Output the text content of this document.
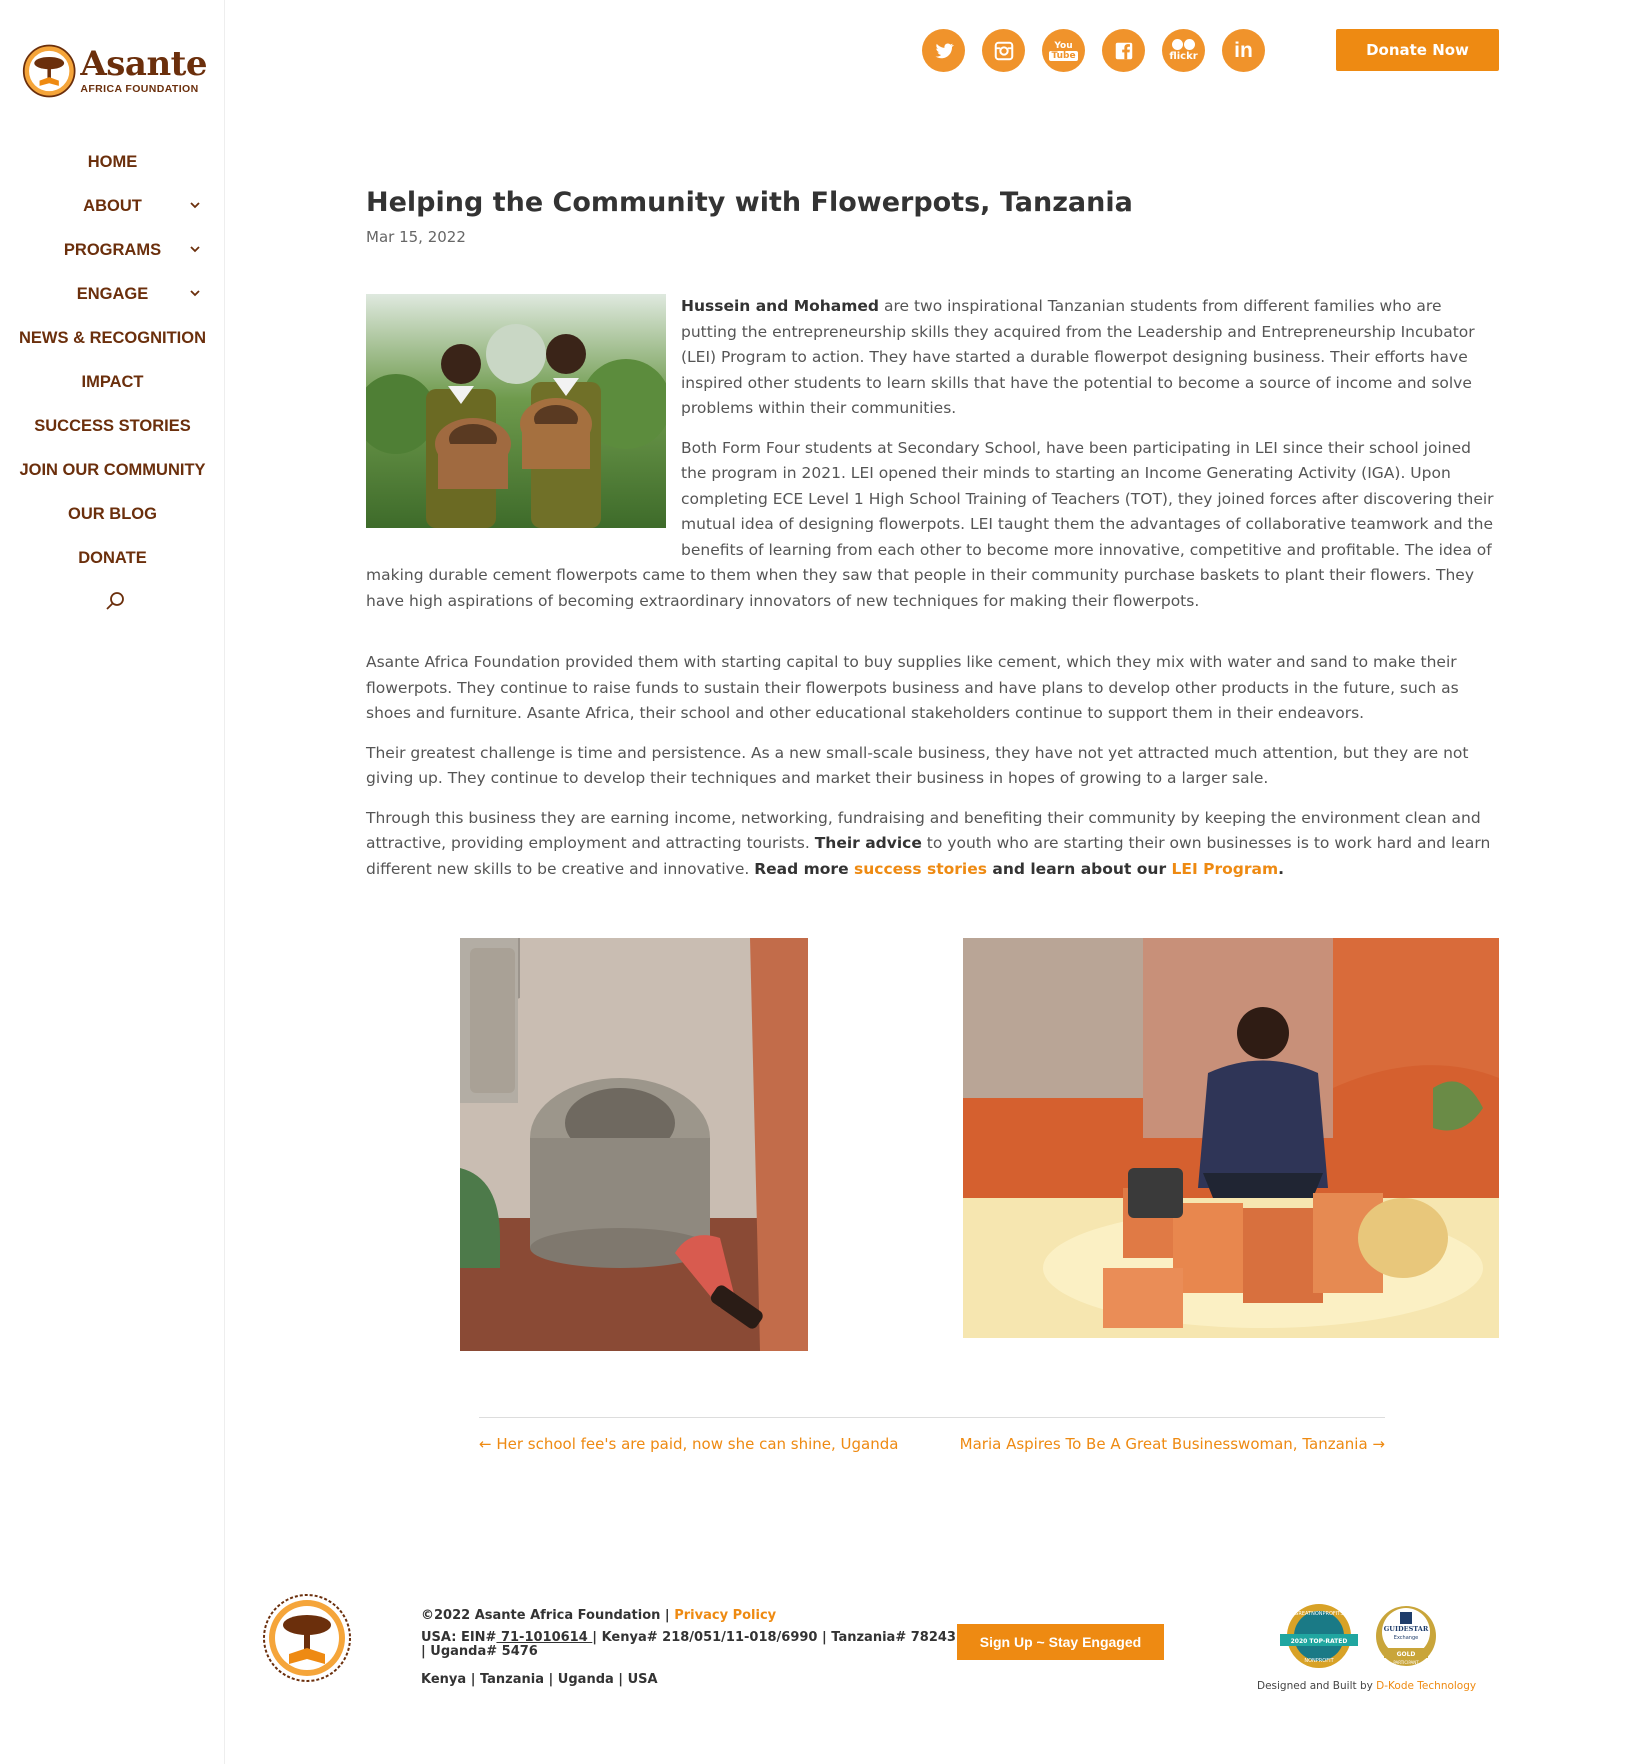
Asante
AFRICA FOUNDATION
HOME
ABOUT
PROGRAMS
ENGAGE
NEWS & RECOGNITION
IMPACT
SUCCESS STORIES
JOIN OUR COMMUNITY
OUR BLOG
DONATE
You
Tube	flickr in	Donate Now
Helping the Community with Flowerpots, Tanzania
Mar 15, 2022

Hussein and Mohamed are two inspirational Tanzanian students from different families who are putting the entrepreneurship skills they acquired from the Leadership and Entrepreneurship Incubator (LEI) Program to action. They have started a durable flowerpot designing business. Their efforts have inspired other students to learn skills that have the potential to become a source of income and solve problems within their communities.

Both Form Four students at Secondary School, have been participating in LEI since their school joined the program in 2021. LEI opened their minds to starting an Income Generating Activity (IGA). Upon completing ECE Level 1 High School Training of Teachers (TOT), they joined forces after discovering their mutual idea of designing flowerpots. LEI taught them the advantages of collaborative teamwork and the benefits of learning from each other to become more innovative, competitive and profitable. The idea of making durable cement flowerpots came to them when they saw that people in their community purchase baskets to plant their flowers. They have high aspirations of becoming extraordinary innovators of new techniques for making their flowerpots.

Asante Africa Foundation provided them with starting capital to buy supplies like cement, which they mix with water and sand to make their flowerpots. They continue to raise funds to sustain their flowerpots business and have plans to develop other products in the future, such as shoes and furniture. Asante Africa, their school and other educational stakeholders continue to support them in their endeavors.

Their greatest challenge is time and persistence. As a new small-scale business, they have not yet attracted much attention, but they are not giving up. They continue to develop their techniques and market their business in hopes of growing to a larger sale.

Through this business they are earning income, networking, fundraising and benefiting their community by keeping the environment clean and attractive, providing employment and attracting tourists. Their advice to youth who are starting their own businesses is to work hard and learn different new skills to be creative and innovative. Read more success stories and learn about our LEI Program.

← Her school fee's are paid, now she can shine, Uganda	Maria Aspires To Be A Great Businesswoman, Tanzania →
©2022 Asante Africa Foundation | Privacy Policy
USA: EIN# 71-1010614 | Kenya# 218/051/11-018/6990 | Tanzania# 78243 | Uganda# 5476
Kenya | Tanzania | Uganda | USA
Sign Up ~ Stay Engaged
GREATNONPROFITS
2020 TOP-RATED
NONPROFIT
GUIDESTAR
Exchange
GOLD
PARTICIPANT
Designed and Built by D-Kode Technology
